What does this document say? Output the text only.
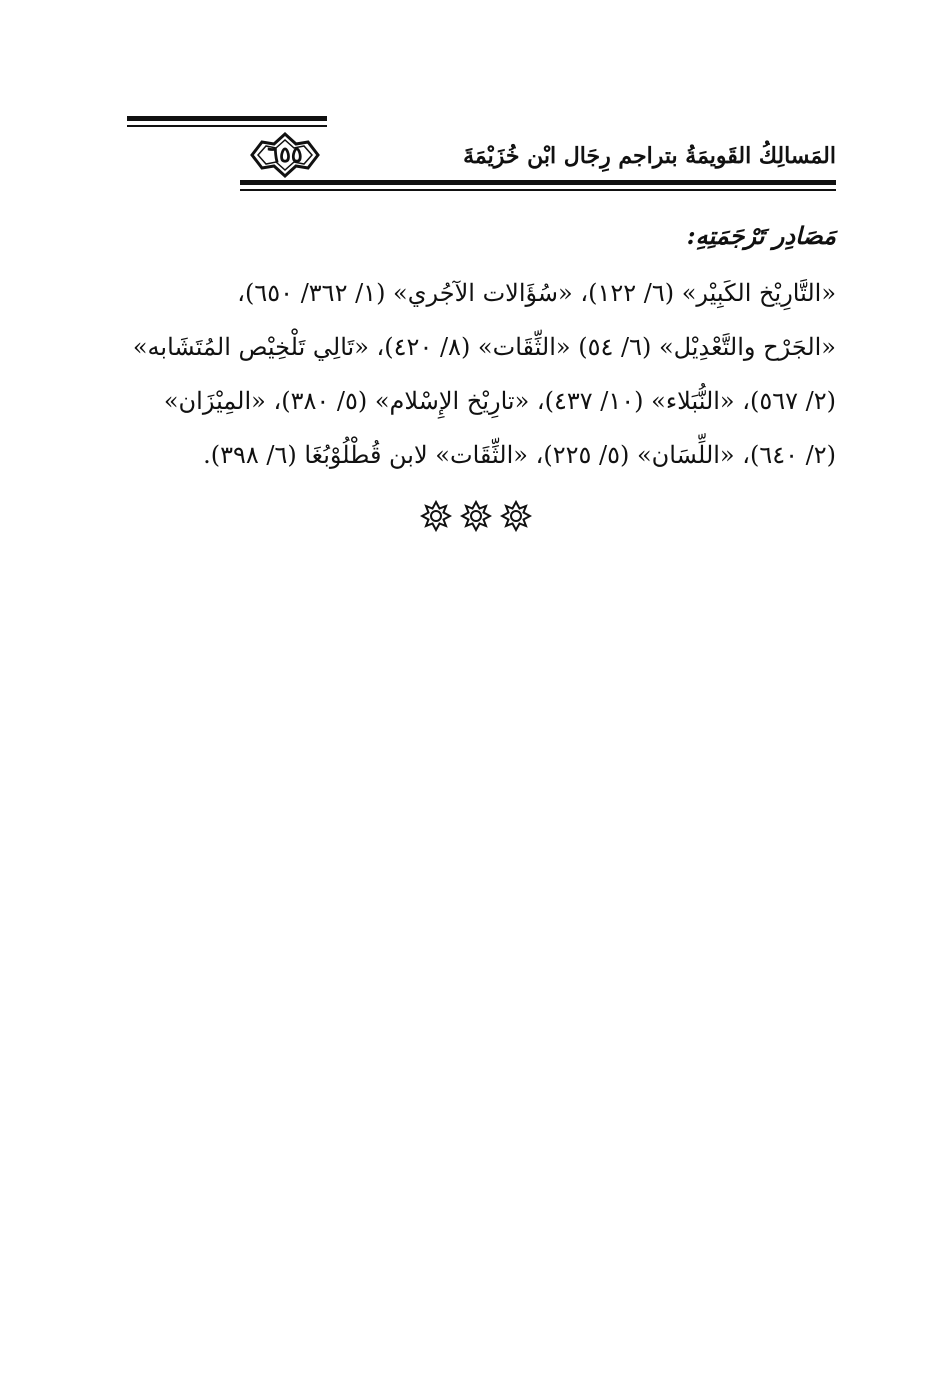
٦٥٥	المَسالِكُ القَويمَةُ بتراجم رِجَال ابْن خُزَيْمَةَ
مَصَادِر تَرْجَمَتِهِ:
«التَّارِيْخ الكَبِيْر» (٦/ ١٢٢)، «سُؤَالات الآجُري» (١/ ٣٦٢/ ٦٥٠)،
«الجَرْح والتَّعْدِيْل» (٦/ ٥٤) «الثِّقَات» (٨/ ٤٢٠)، «تَالِي تَلْخِيْص المُتَشَابه»
(٢/ ٥٦٧)، «النُّبَلاء» (١٠/ ٤٣٧)، «تارِيْخ الإِسْلام» (٥/ ٣٨٠)، «المِيْزَان»
(٢/ ٦٤٠)، «اللِّسَان» (٥/ ٢٢٥)، «الثِّقَات» لابن قُطْلُوْبُغَا (٦/ ٣٩٨).
